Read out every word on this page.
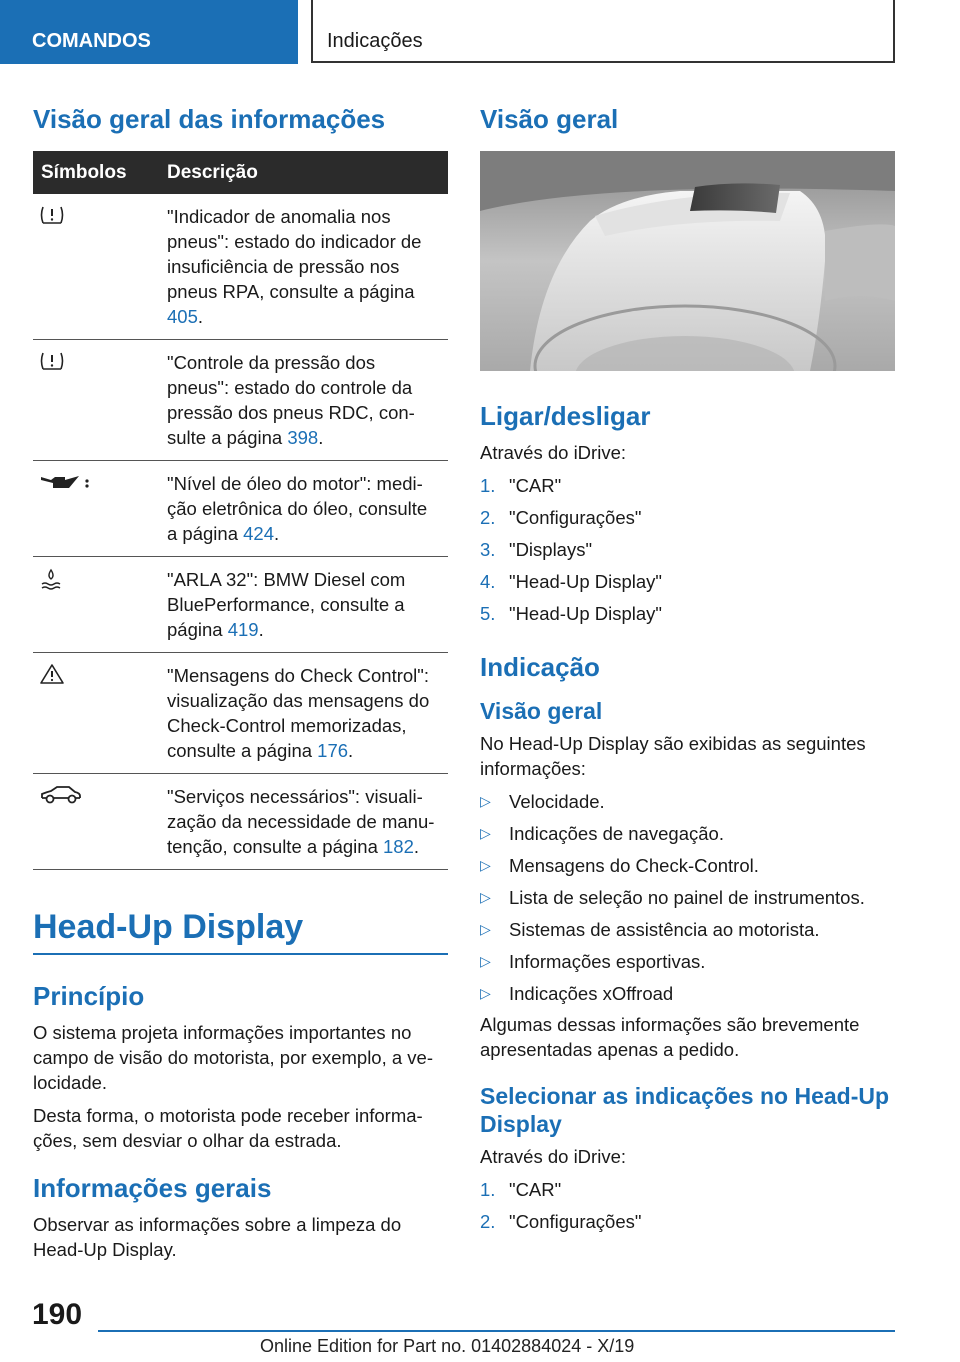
COMANDOS	Indicações
Visão geral das informações
Símbolos	Descrição
	"Indicador de anomalia nos pneus": estado do indicador de insuficiência de pressão nos pneus RPA, consulte a página 405.
	"Controle da pressão dos pneus": estado do controle da pressão dos pneus RDC, con-sulte a página 398.
	"Nível de óleo do motor": medi-ção eletrônica do óleo, consulte a página 424.
	"ARLA 32": BMW Diesel com BluePerformance, consulte a página 419.
	"Mensagens do Check Control": visualização das mensagens do Check-Control memorizadas, consulte a página 176.
	"Serviços necessários": visuali-zação da necessidade de manu-tenção, consulte a página 182.
Head-Up Display
Princípio

O sistema projeta informações importantes no campo de visão do motorista, por exemplo, a ve-locidade.

Desta forma, o motorista pode receber informa-ções, sem desviar o olhar da estrada.

Informações gerais

Observar as informações sobre a limpeza do Head-Up Display.

Visão geral
Ligar/desligar

Através do iDrive:

1. "CAR"
2. "Configurações"
3. "Displays"
4. "Head-Up Display"
5. "Head-Up Display"
Indicação
Visão geral

No Head-Up Display são exibidas as seguintes informações:

▷ Velocidade.
▷ Indicações de navegação.
▷ Mensagens do Check-Control.
▷ Lista de seleção no painel de instrumentos.
▷ Sistemas de assistência ao motorista.
▷ Informações esportivas.
▷ Indicações xOffroad

Algumas dessas informações são brevemente apresentadas apenas a pedido.

Selecionar as indicações no Head-Up Display

Através do iDrive:

1. "CAR"
2. "Configurações"
190
Online Edition for Part no. 01402884024 - X/19
